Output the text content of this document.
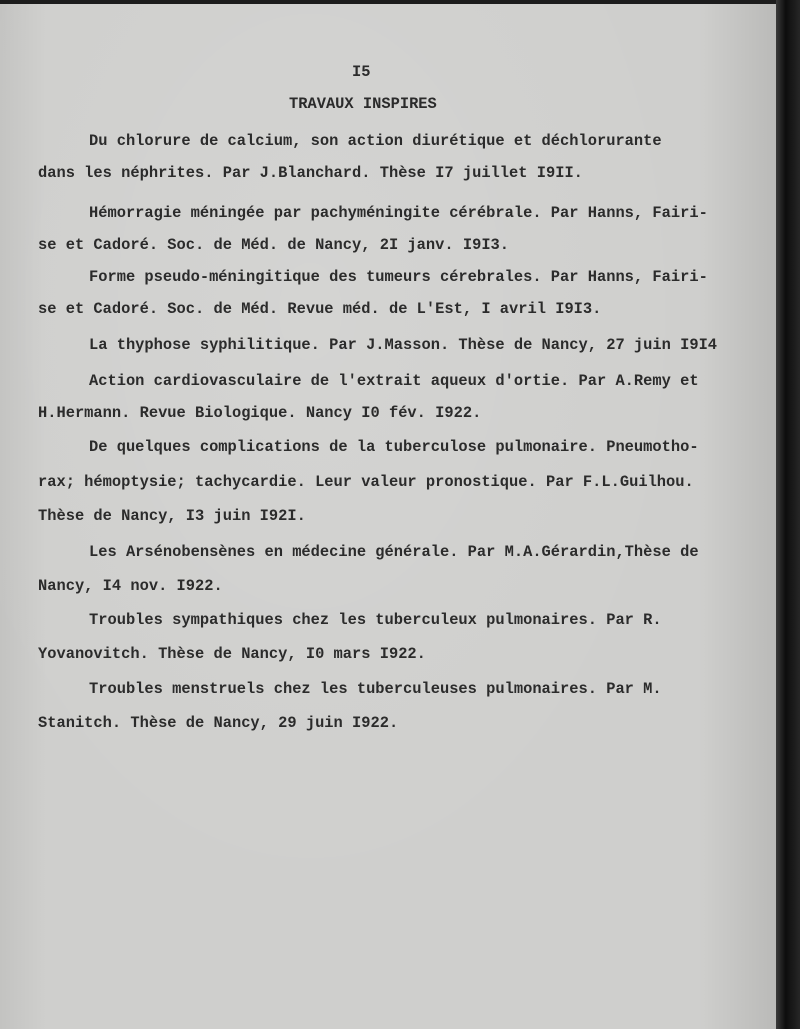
I5
TRAVAUX INSPIRES
Du chlorure de calcium, son action diurétique et déchlorurante
dans les néphrites. Par J.Blanchard. Thèse I7 juillet I9II.
Hémorragie méningée par pachyméningite cérébrale. Par Hanns, Fairi-
se et Cadoré. Soc. de Méd. de Nancy, 2I janv. I9I3.
Forme pseudo-méningitique des tumeurs cérebrales. Par Hanns, Fairi-
se et Cadoré. Soc. de Méd. Revue méd. de L'Est, I avril I9I3.
La thyphose syphilitique. Par J.Masson. Thèse de Nancy, 27 juin I9I4
Action cardiovasculaire de l'extrait aqueux d'ortie. Par A.Remy et
H.Hermann. Revue Biologique. Nancy I0 fév. I922.
De quelques complications de la tuberculose pulmonaire. Pneumotho-
rax; hémoptysie; tachycardie. Leur valeur pronostique. Par F.L.Guilhou.
Thèse de Nancy, I3 juin I92I.
Les Arsénobensènes en médecine générale. Par M.A.Gérardin,Thèse de
Nancy, I4 nov. I922.
Troubles sympathiques chez les tuberculeux pulmonaires. Par R.
Yovanovitch. Thèse de Nancy, I0 mars I922.
Troubles menstruels chez les tuberculeuses pulmonaires. Par M.
Stanitch. Thèse de Nancy, 29 juin I922.
